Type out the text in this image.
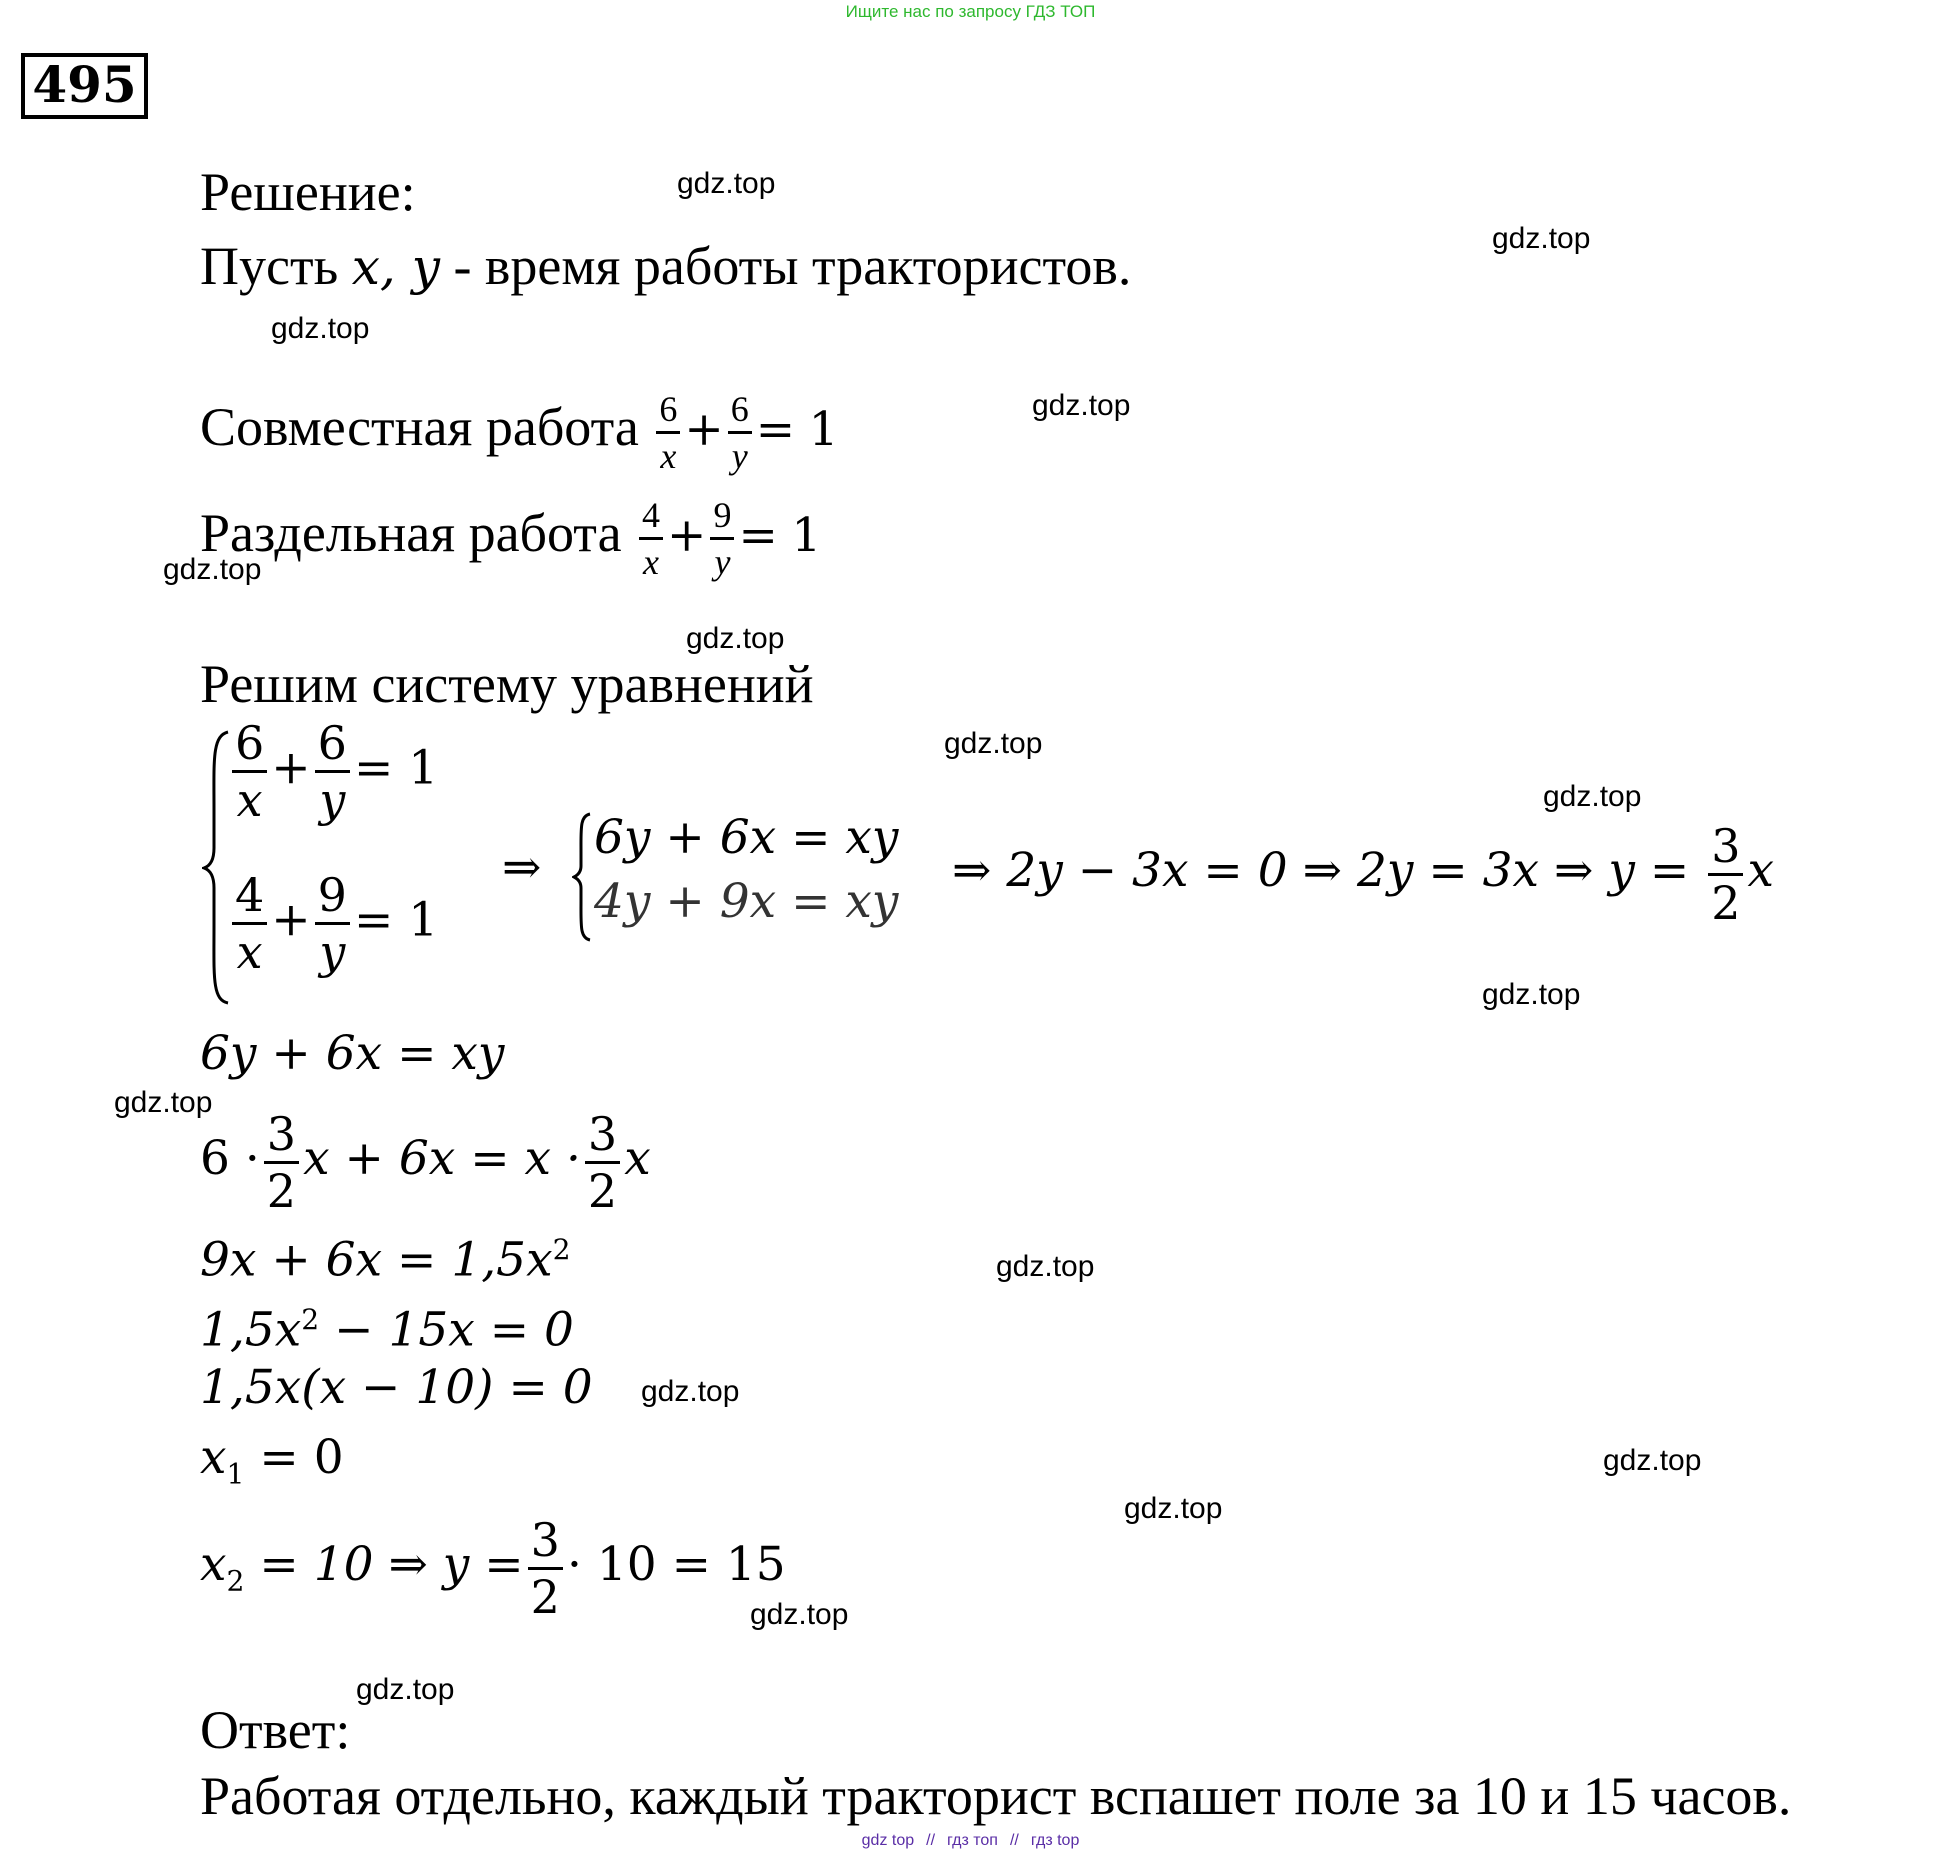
Ищите нас по запросу ГДЗ ТОП
495
Решение:
Пусть x, y - время работы трактористов.
Совместная работа $\frac{6}{x} + \frac{6}{y} = 1$
Раздельная работа $\frac{4}{x} + \frac{9}{y} = 1$
Решим систему уравнений
$\frac{6}{x} + \frac{6}{y} = 1$
$\frac{4}{x} + \frac{9}{y} = 1$
⇒
6y + 6x = xy
4y + 9x = xy
⇒ 2y − 3x = 0 ⇒ 2y = 3x ⇒ $y = \frac{3}{2}$ x
6y + 6x = xy
$6 \cdot \frac{3}{2}$ $x + 6x = x \cdot \frac{3}{2}$ x
$9x + 6x = 1,5x^2$
$1,5x^2 - 15x = 0$
1,5x(x − 10) = 0
$x_1 = 0$
$x_2 = 10$ ⇒ $y = \frac{3}{2} \cdot 10 = 15$
Ответ:
Работая отдельно, каждый тракторист вспашет поле за 10 и 15 часов.
gdz.top
gdz.top
gdz.top
gdz.top
gdz.top
gdz.top
gdz.top
gdz.top
gdz.top
gdz.top
gdz.top
gdz.top
gdz.top
gdz.top
gdz.top
gdz.top
gdz top // гдз топ // гдз top
